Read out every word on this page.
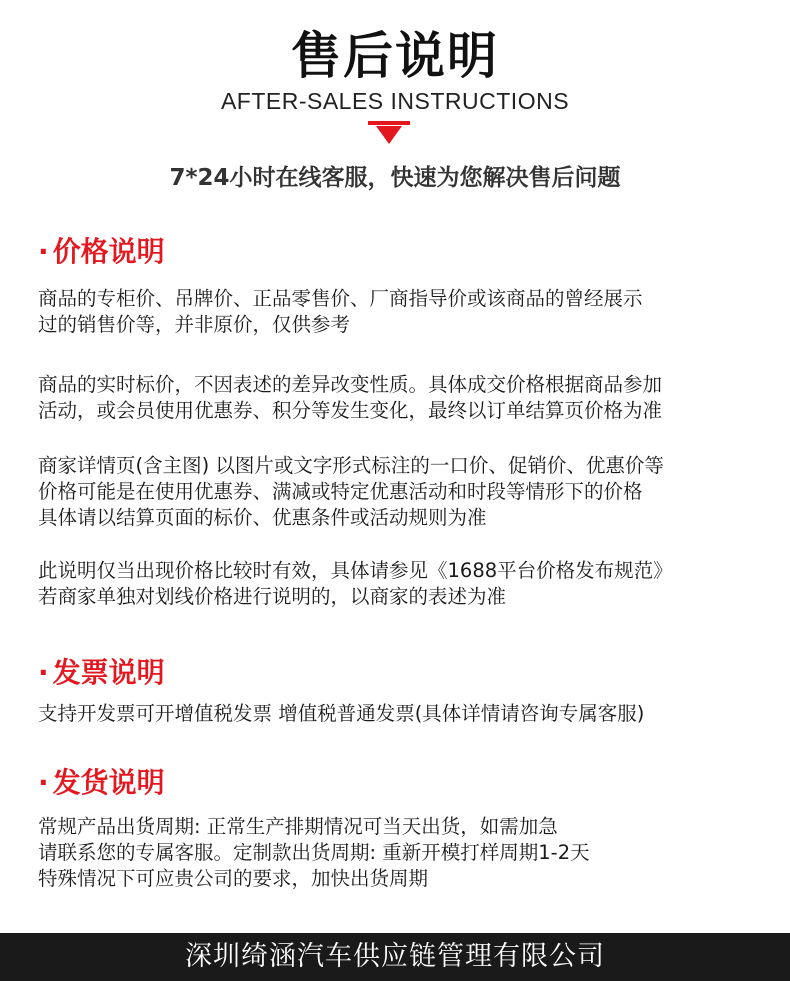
售后说明
AFTER-SALES INSTRUCTIONS
7*24小时在线客服，快速为您解决售后问题
· 价格说明
商品的专柜价、吊牌价、正品零售价、厂商指导价或该商品的曾经展示
过的销售价等，并非原价，仅供参考
商品的实时标价，不因表述的差异改变性质。具体成交价格根据商品参加
活动，或会员使用优惠券、积分等发生变化，最终以订单结算页价格为准
商家详情页(含主图) 以图片或文字形式标注的一口价、促销价、优惠价等
价格可能是在使用优惠券、满减或特定优惠活动和时段等情形下的价格
具体请以结算页面的标价、优惠条件或活动规则为准
此说明仅当出现价格比较时有效，具体请参见《1688平台价格发布规范》
若商家单独对划线价格进行说明的，以商家的表述为准
· 发票说明
支持开发票可开增值税发票 增值税普通发票(具体详情请咨询专属客服)
· 发货说明
常规产品出货周期: 正常生产排期情况可当天出货，如需加急
请联系您的专属客服。定制款出货周期: 重新开模打样周期1-2天
特殊情况下可应贵公司的要求，加快出货周期
深圳绮涵汽车供应链管理有限公司
